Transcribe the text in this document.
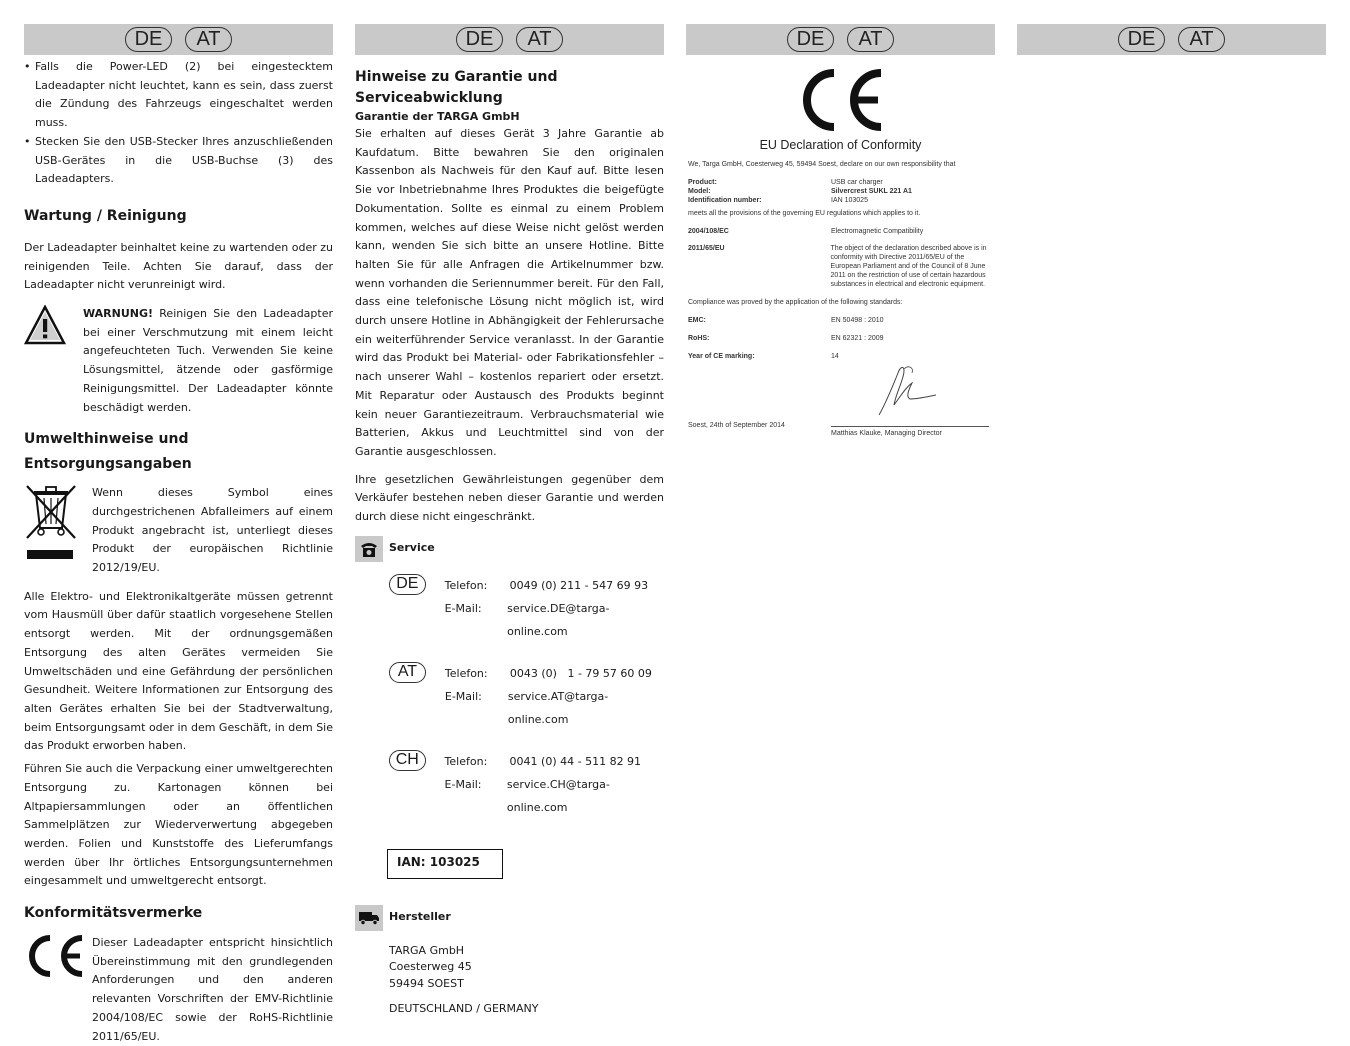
DE	AT
• Falls die Power-LED (2) bei eingestecktem Ladeadapter nicht leuchtet, kann es sein, dass zuerst die Zündung des Fahrzeugs eingeschaltet werden muss.
• Stecken Sie den USB-Stecker Ihres anzuschließenden USB-Gerätes in die USB-Buchse (3) des Ladeadapters.
Wartung / Reinigung

Der Ladeadapter beinhaltet keine zu wartenden oder zu reinigenden Teile. Achten Sie darauf, dass der Ladeadapter nicht verunreinigt wird.

WARNUNG! Reinigen Sie den Ladeadapter bei einer Verschmutzung mit einem leicht angefeuchteten Tuch. Verwenden Sie keine Lösungsmittel, ätzende oder gasförmige Reinigungsmittel. Der Ladeadapter könnte beschädigt werden.

Umwelthinweise und
Entsorgungsangaben

Wenn dieses Symbol eines durchgestrichenen Abfalleimers auf einem Produkt angebracht ist, unterliegt dieses Produkt der europäischen Richtlinie 2012/19/EU.

Alle Elektro- und Elektronikaltgeräte müssen getrennt vom Hausmüll über dafür staatlich vorgesehene Stellen entsorgt werden. Mit der ordnungsgemäßen Entsorgung des alten Gerätes vermeiden Sie Umweltschäden und eine Gefährdung der persönlichen Gesundheit. Weitere Informationen zur Entsorgung des alten Gerätes erhalten Sie bei der Stadtverwaltung, beim Entsorgungsamt oder in dem Geschäft, in dem Sie das Produkt erworben haben.

Führen Sie auch die Verpackung einer umweltgerechten Entsorgung zu. Kartonagen können bei Altpapiersammlungen oder an öffentlichen Sammelplätzen zur Wiederverwertung abgegeben werden. Folien und Kunststoffe des Lieferumfangs werden über Ihr örtliches Entsorgungsunternehmen eingesammelt und umweltgerecht entsorgt.

Konformitätsvermerke

Dieser Ladeadapter entspricht hinsichtlich Übereinstimmung mit den grundlegenden Anforderungen und den anderen relevanten Vorschriften der EMV-Richtlinie 2004/108/EC sowie der RoHS-Richtlinie 2011/65/EU.

DE	AT
Hinweise zu Garantie und
Serviceabwicklung

Garantie der TARGA GmbH

Sie erhalten auf dieses Gerät 3 Jahre Garantie ab Kaufdatum. Bitte bewahren Sie den originalen Kassenbon als Nachweis für den Kauf auf. Bitte lesen Sie vor Inbetriebnahme Ihres Produktes die beigefügte Dokumentation. Sollte es einmal zu einem Problem kommen, welches auf diese Weise nicht gelöst werden kann, wenden Sie sich bitte an unsere Hotline. Bitte halten Sie für alle Anfragen die Artikelnummer bzw. wenn vorhanden die Seriennummer bereit. Für den Fall, dass eine telefonische Lösung nicht möglich ist, wird durch unsere Hotline in Abhängigkeit der Fehlerursache ein weiterführender Service veranlasst. In der Garantie wird das Produkt bei Material- oder Fabrikationsfehler – nach unserer Wahl – kostenlos repariert oder ersetzt. Mit Reparatur oder Austausch des Produkts beginnt kein neuer Garantiezeitraum. Verbrauchsmaterial wie Batterien, Akkus und Leuchtmittel sind von der Garantie ausgeschlossen.

Ihre gesetzlichen Gewährleistungen gegenüber dem Verkäufer bestehen neben dieser Garantie und werden durch diese nicht eingeschränkt.

Service
DE	Telefon:	0049 (0) 211 - 547 69 93
E-Mail:	service.DE@targa-online.com
AT	Telefon:	0043 (0)   1 - 79 57 60 09
E-Mail:	service.AT@targa-online.com
CH	Telefon:	0041 (0) 44 - 511 82 91
E-Mail:	service.CH@targa-online.com
IAN: 103025
Hersteller
TARGA GmbH
Coesterweg 45
59494 SOEST
DEUTSCHLAND / GERMANY
DE	AT
EU Declaration of Conformity
We, Targa GmbH, Coesterweg 45, 59494 Soest, declare on our own responsibility that
Product:	USB car charger
Model:	Silvercrest SUKL 221 A1
Identification number:	IAN 103025
meets all the provisions of the governing EU regulations which applies to it.
2004/108/EC	Electromagnetic Compatibility
2011/65/EU	The object of the declaration described above is in conformity with Directive 2011/65/EU of the European Parliament and of the Council of 8 June 2011 on the restriction of use of certain hazardous substances in electrical and electronic equipment.
Compliance was proved by the application of the following standards:
EMC:	EN 50498 : 2010
RoHS:	EN 62321 : 2009
Year of CE marking:	14
Soest, 24th of September 2014
Matthias Klauke, Managing Director
DE	AT
